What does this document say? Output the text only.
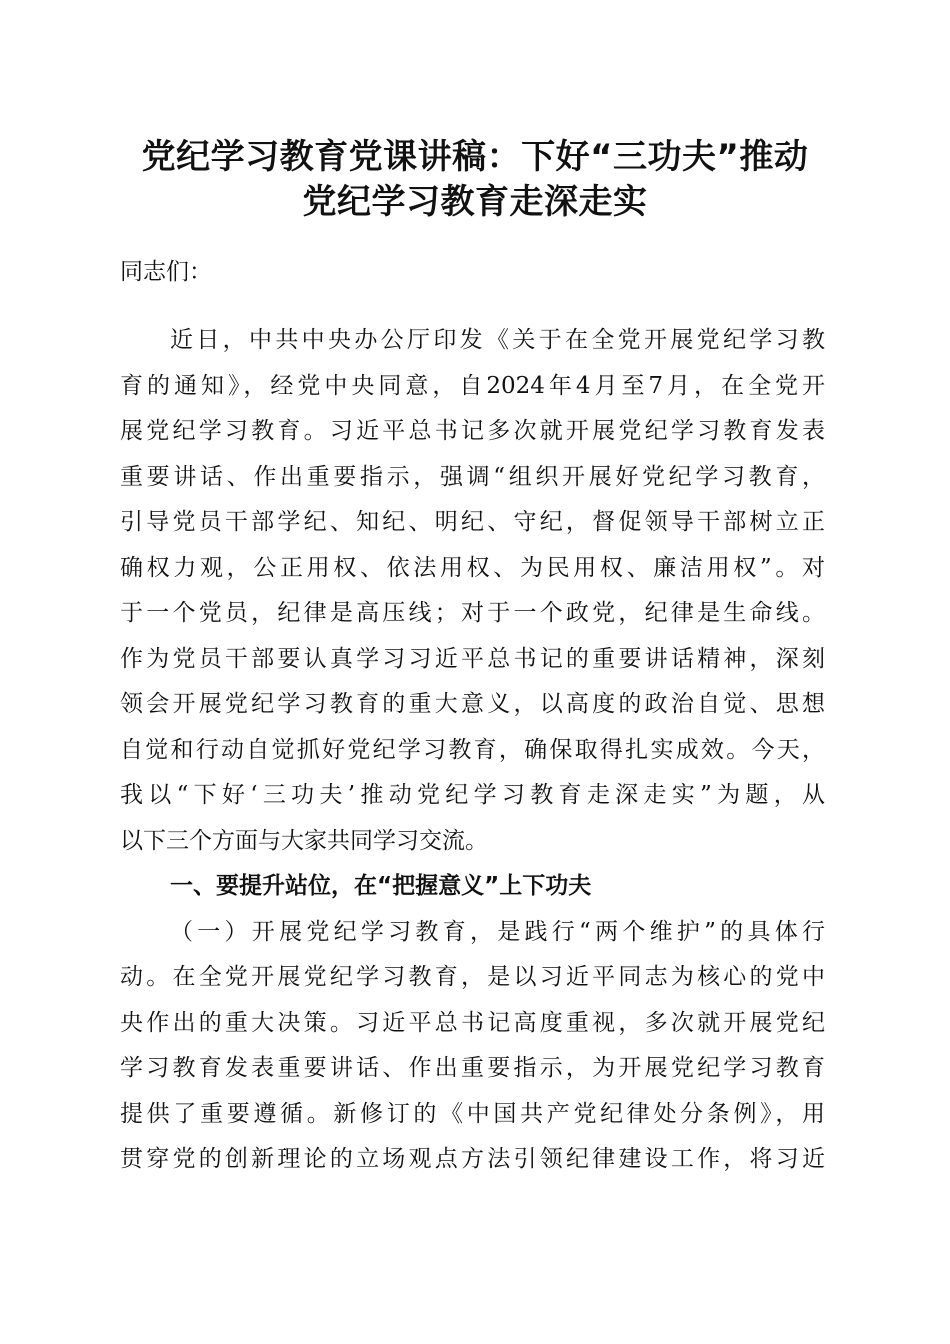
党纪学习教育党课讲稿：下好“三功夫”推动
党纪学习教育走深走实

同志们：

近日，中共中央办公厅印发《关于在全党开展党纪学习教

育的通知》，经党中央同意，自2024年4月至7月，在全党开

展党纪学习教育。习近平总书记多次就开展党纪学习教育发表

重要讲话、作出重要指示，强调“组织开展好党纪学习教育，

引导党员干部学纪、知纪、明纪、守纪，督促领导干部树立正

确权力观，公正用权、依法用权、为民用权、廉洁用权”。对

于一个党员，纪律是高压线；对于一个政党，纪律是生命线。

作为党员干部要认真学习习近平总书记的重要讲话精神，深刻

领会开展党纪学习教育的重大意义，以高度的政治自觉、思想

自觉和行动自觉抓好党纪学习教育，确保取得扎实成效。今天，

我以“下好‘三功夫’推动党纪学习教育走深走实”为题，从

以下三个方面与大家共同学习交流。

一、要提升站位，在“把握意义”上下功夫

（一）开展党纪学习教育，是践行“两个维护”的具体行

动。在全党开展党纪学习教育，是以习近平同志为核心的党中

央作出的重大决策。习近平总书记高度重视，多次就开展党纪

学习教育发表重要讲话、作出重要指示，为开展党纪学习教育

提供了重要遵循。新修订的《中国共产党纪律处分条例》，用

贯穿党的创新理论的立场观点方法引领纪律建设工作，将习近
